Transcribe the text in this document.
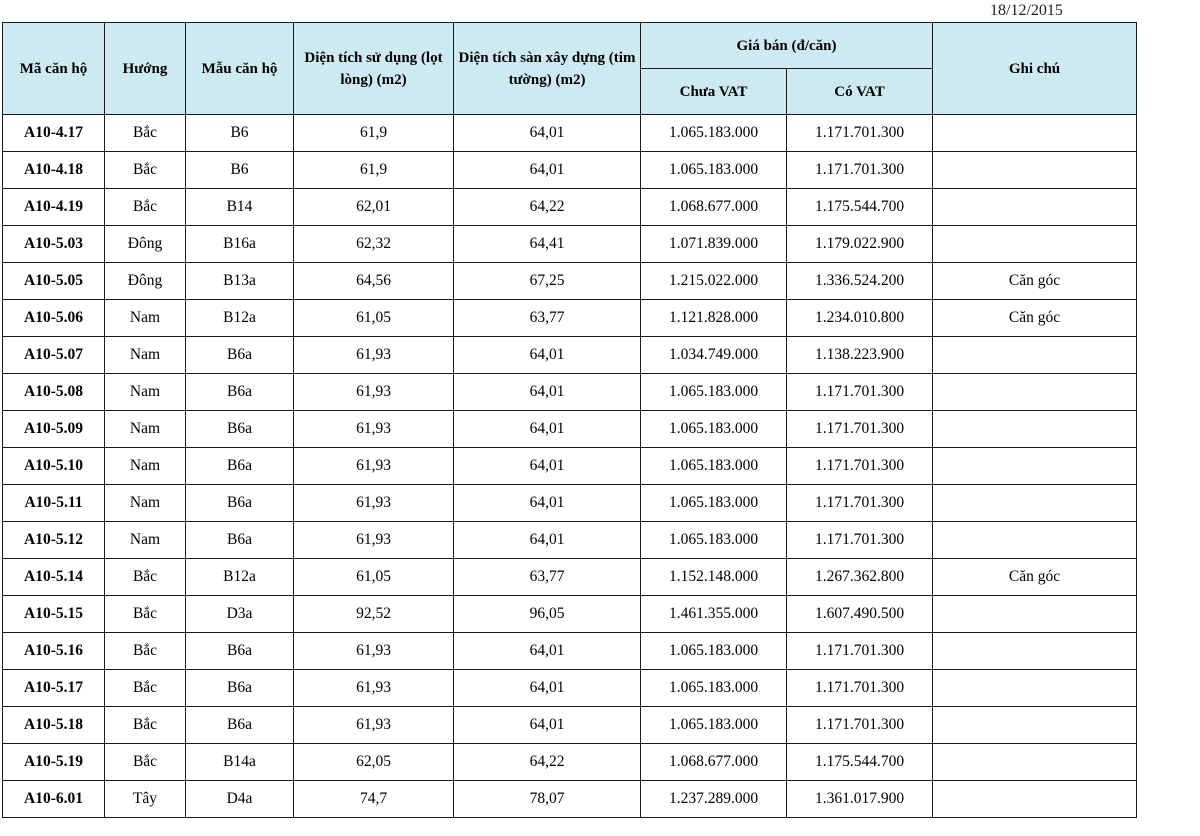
18/12/2015
Mã căn hộ	Hướng	Mẫu căn hộ	Diện tích sử dụng (lọt lòng) (m2)	Diện tích sàn xây dựng (tim tường) (m2)	Giá bán (đ/căn)		Ghi chú
					Chưa VAT	Có VAT	
A10-4.17	Bắc	B6	61,9	64,01	1.065.183.000	1.171.701.300	
A10-4.18	Bắc	B6	61,9	64,01	1.065.183.000	1.171.701.300	
A10-4.19	Bắc	B14	62,01	64,22	1.068.677.000	1.175.544.700	
A10-5.03	Đông	B16a	62,32	64,41	1.071.839.000	1.179.022.900	
A10-5.05	Đông	B13a	64,56	67,25	1.215.022.000	1.336.524.200	Căn góc
A10-5.06	Nam	B12a	61,05	63,77	1.121.828.000	1.234.010.800	Căn góc
A10-5.07	Nam	B6a	61,93	64,01	1.034.749.000	1.138.223.900	
A10-5.08	Nam	B6a	61,93	64,01	1.065.183.000	1.171.701.300	
A10-5.09	Nam	B6a	61,93	64,01	1.065.183.000	1.171.701.300	
A10-5.10	Nam	B6a	61,93	64,01	1.065.183.000	1.171.701.300	
A10-5.11	Nam	B6a	61,93	64,01	1.065.183.000	1.171.701.300	
A10-5.12	Nam	B6a	61,93	64,01	1.065.183.000	1.171.701.300	
A10-5.14	Bắc	B12a	61,05	63,77	1.152.148.000	1.267.362.800	Căn góc
A10-5.15	Bắc	D3a	92,52	96,05	1.461.355.000	1.607.490.500	
A10-5.16	Bắc	B6a	61,93	64,01	1.065.183.000	1.171.701.300	
A10-5.17	Bắc	B6a	61,93	64,01	1.065.183.000	1.171.701.300	
A10-5.18	Bắc	B6a	61,93	64,01	1.065.183.000	1.171.701.300	
A10-5.19	Bắc	B14a	62,05	64,22	1.068.677.000	1.175.544.700	
A10-6.01	Tây	D4a	74,7	78,07	1.237.289.000	1.361.017.900	
